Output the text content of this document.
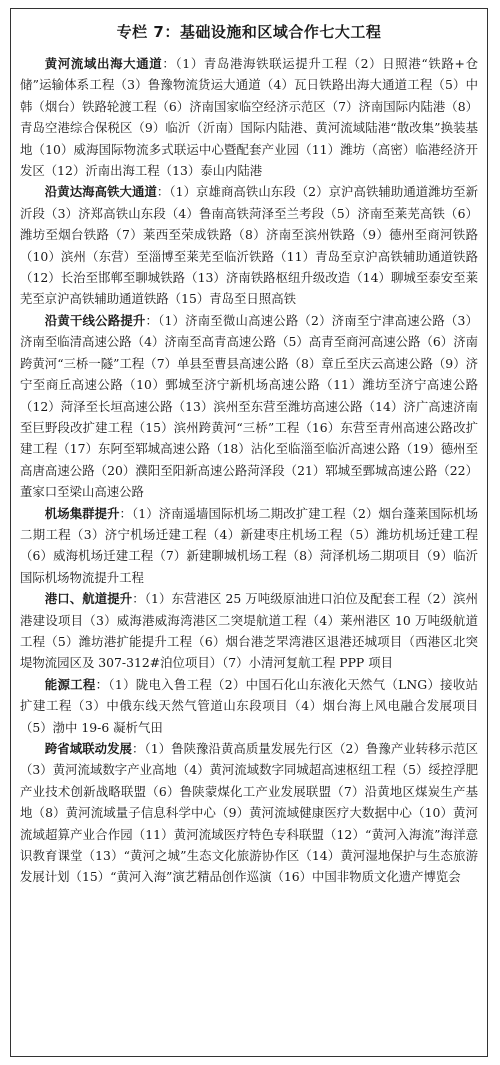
专栏 7：基础设施和区域合作七大工程

黄河流域出海大通道：（1）青岛港海铁联运提升工程（2）日照港“铁路+仓储”运输体系工程（3）鲁豫物流货运大通道（4）瓦日铁路出海大通道工程（5）中韩（烟台）铁路轮渡工程（6）济南国家临空经济示范区（7）济南国际内陆港（8）青岛空港综合保税区（9）临沂（沂南）国际内陆港、黄河流域陆港“散改集”换装基地（10）威海国际物流多式联运中心暨配套产业园（11）潍坊（高密）临港经济开发区（12）沂南出海工程（13）泰山内陆港

沿黄达海高铁大通道：（1）京雄商高铁山东段（2）京沪高铁辅助通道潍坊至新沂段（3）济郑高铁山东段（4）鲁南高铁菏泽至兰考段（5）济南至莱芜高铁（6）潍坊至烟台铁路（7）莱西至荣成铁路（8）济南至滨州铁路（9）德州至商河铁路（10）滨州（东营）至淄博至莱芜至临沂铁路（11）青岛至京沪高铁辅助通道铁路（12）长治至邯郸至聊城铁路（13）济南铁路枢纽升级改造（14）聊城至泰安至莱芜至京沪高铁辅助通道铁路（15）青岛至日照高铁

沿黄干线公路提升：（1）济南至微山高速公路（2）济南至宁津高速公路（3）济南至临清高速公路（4）济南至高青高速公路（5）高青至商河高速公路（6）济南跨黄河“三桥一隧”工程（7）单县至曹县高速公路（8）章丘至庆云高速公路（9）济宁至商丘高速公路（10）鄄城至济宁新机场高速公路（11）潍坊至济宁高速公路（12）菏泽至长垣高速公路（13）滨州至东营至潍坊高速公路（14）济广高速济南至巨野段改扩建工程（15）滨州跨黄河“三桥”工程（16）东营至青州高速公路改扩建工程（17）东阿至郓城高速公路（18）沾化至临淄至临沂高速公路（19）德州至高唐高速公路（20）濮阳至阳新高速公路菏泽段（21）郓城至鄄城高速公路（22）董家口至梁山高速公路

机场集群提升：（1）济南遥墙国际机场二期改扩建工程（2）烟台蓬莱国际机场二期工程（3）济宁机场迁建工程（4）新建枣庄机场工程（5）潍坊机场迁建工程（6）威海机场迁建工程（7）新建聊城机场工程（8）菏泽机场二期项目（9）临沂国际机场物流提升工程

港口、航道提升：（1）东营港区 25 万吨级原油进口泊位及配套工程（2）滨州港建设项目（3）威海港威海湾港区二突堤航道工程（4）莱州港区 10 万吨级航道工程（5）潍坊港扩能提升工程（6）烟台港芝罘湾港区退港还城项目（西港区北突堤物流园区及 307-312#泊位项目）（7）小清河复航工程 PPP 项目

能源工程：（1）陇电入鲁工程（2）中国石化山东液化天然气（LNG）接收站扩建工程（3）中俄东线天然气管道山东段项目（4）烟台海上风电融合发展项目（5）渤中 19-6 凝析气田

跨省域联动发展：（1）鲁陕豫沿黄高质量发展先行区（2）鲁豫产业转移示范区（3）黄河流域数字产业高地（4）黄河流域数字同城超高速枢纽工程（5）绥控浮肥产业技术创新战略联盟（6）鲁陕蒙煤化工产业发展联盟（7）沿黄地区煤炭生产基地（8）黄河流域量子信息科学中心（9）黄河流域健康医疗大数据中心（10）黄河流域超算产业合作园（11）黄河流域医疗特色专科联盟（12）“黄河入海流”海洋意识教育课堂（13）“黄河之城”生态文化旅游协作区（14）黄河湿地保护与生态旅游发展计划（15）“黄河入海”演艺精品创作巡演（16）中国非物质文化遗产博览会
